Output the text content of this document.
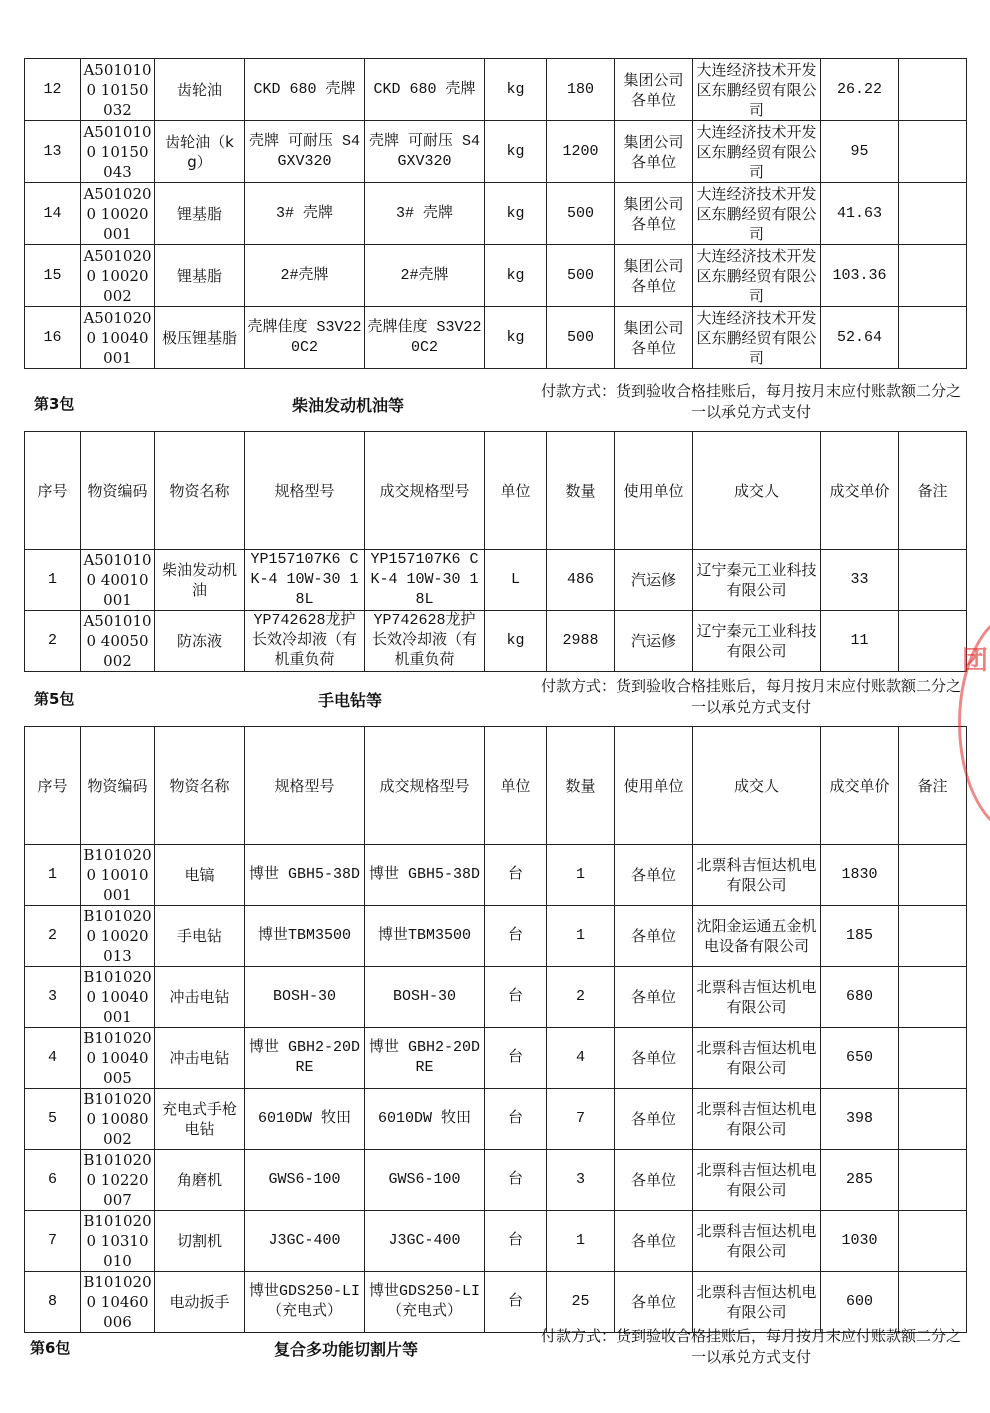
12	A5010100 10150032	齿轮油	CKD 680 壳牌	CKD 680 壳牌	kg	180	集团公司各单位	大连经济技术开发区东鹏经贸有限公司	26.22	
13	A5010100 10150043	齿轮油（kg）	壳牌 可耐压 S4GXV320	壳牌 可耐压 S4GXV320	kg	1200	集团公司各单位	大连经济技术开发区东鹏经贸有限公司	95	
14	A5010200 10020001	锂基脂	3# 壳牌	3# 壳牌	kg	500	集团公司各单位	大连经济技术开发区东鹏经贸有限公司	41.63	
15	A5010200 10020002	锂基脂	2#壳牌	2#壳牌	kg	500	集团公司各单位	大连经济技术开发区东鹏经贸有限公司	103.36	
16	A5010200 10040001	极压锂基脂	壳牌佳度 S3V220C2	壳牌佳度 S3V220C2	kg	500	集团公司各单位	大连经济技术开发区东鹏经贸有限公司	52.64	
第3包	柴油发动机油等
付款方式：货到验收合格挂账后，每月按月末应付账款额二分之一以承兑方式支付
序号	物资编码	物资名称	规格型号	成交规格型号	单位	数量	使用单位	成交人	成交单价	备注
1	A5010100 40010001	柴油发动机油	YP157107K6 CK-4 10W-30 18L	YP157107K6 CK-4 10W-30 18L	L	486	汽运修	辽宁秦元工业科技有限公司	33	
2	A5010100 40050002	防冻液	YP742628龙护长效冷却液（有机重负荷	YP742628龙护长效冷却液（有机重负荷	kg	2988	汽运修	辽宁秦元工业科技有限公司	11	
第5包	手电钻等
付款方式：货到验收合格挂账后，每月按月末应付账款额二分之一以承兑方式支付
序号	物资编码	物资名称	规格型号	成交规格型号	单位	数量	使用单位	成交人	成交单价	备注
1	B1010200 10010001	电镐	博世 GBH5-38D	博世 GBH5-38D	台	1	各单位	北票科吉恒达机电有限公司	1830	
2	B1010200 10020013	手电钻	博世TBM3500	博世TBM3500	台	1	各单位	沈阳金运通五金机电设备有限公司	185	
3	B1010200 10040001	冲击电钻	BOSH-30	BOSH-30	台	2	各单位	北票科吉恒达机电有限公司	680	
4	B1010200 10040005	冲击电钻	博世 GBH2-20DRE	博世 GBH2-20DRE	台	4	各单位	北票科吉恒达机电有限公司	650	
5	B1010200 10080002	充电式手枪电钻	6010DW 牧田	6010DW 牧田	台	7	各单位	北票科吉恒达机电有限公司	398	
6	B1010200 10220007	角磨机	GWS6-100	GWS6-100	台	3	各单位	北票科吉恒达机电有限公司	285	
7	B1010200 10310010	切割机	J3GC-400	J3GC-400	台	1	各单位	北票科吉恒达机电有限公司	1030	
8	B1010200 10460006	电动扳手	博世GDS250-LI（充电式）	博世GDS250-LI（充电式）	台	25	各单位	北票科吉恒达机电有限公司	600	
第6包	复合多功能切割片等
付款方式：货到验收合格挂账后，每月按月末应付账款额二分之一以承兑方式支付
团
